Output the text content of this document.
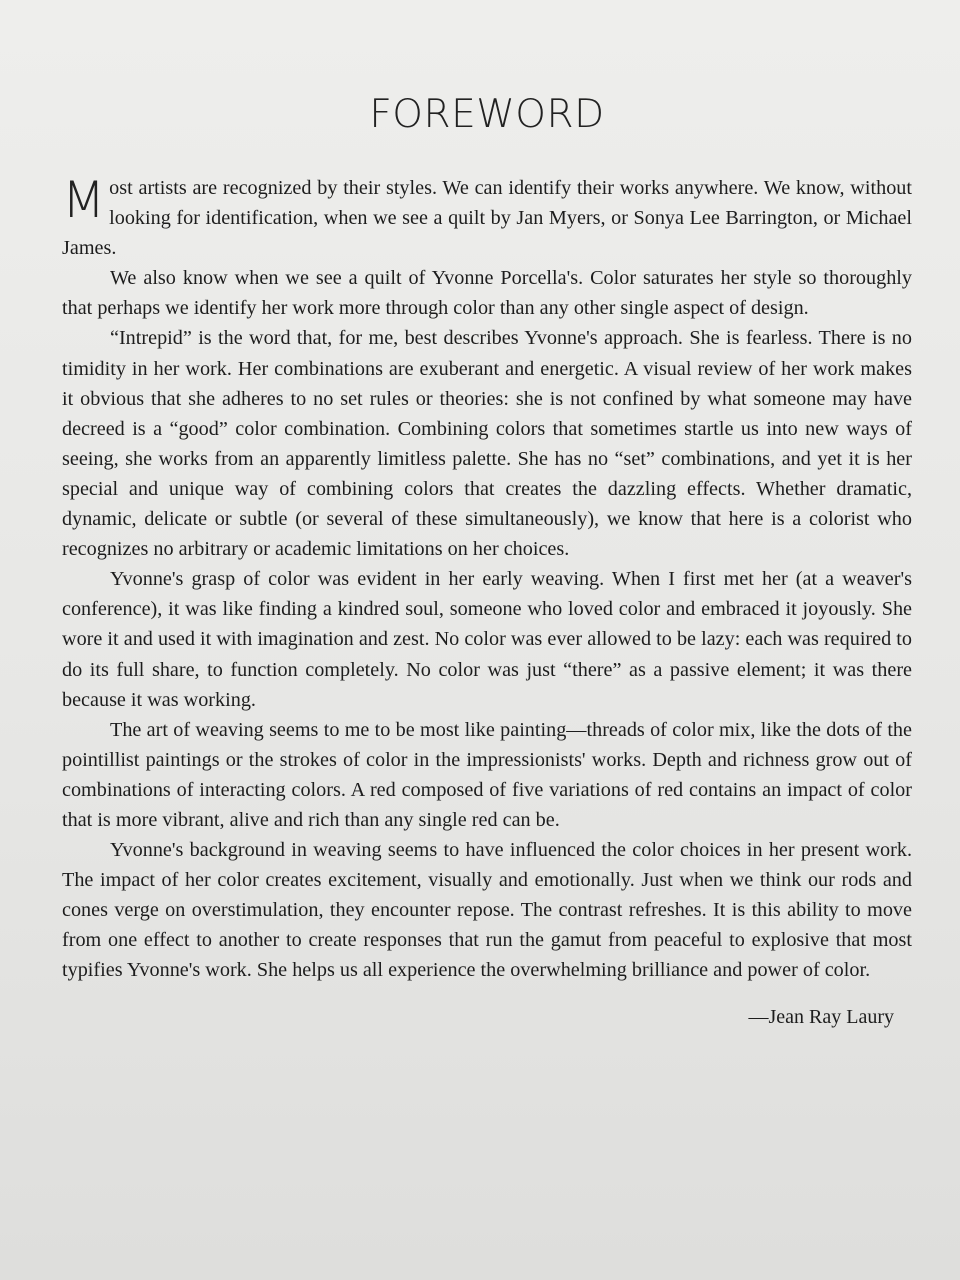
FOREWORD

Most artists are recognized by their styles. We can identify their works anywhere. We know, without looking for identification, when we see a quilt by Jan Myers, or Sonya Lee Barrington, or Michael James.

We also know when we see a quilt of Yvonne Porcella's. Color saturates her style so thoroughly that perhaps we identify her work more through color than any other single aspect of design.

“Intrepid” is the word that, for me, best describes Yvonne's approach. She is fearless. There is no timidity in her work. Her combinations are exuberant and energetic. A visual review of her work makes it obvious that she adheres to no set rules or theories: she is not confined by what someone may have decreed is a “good” color combination. Combining colors that sometimes startle us into new ways of seeing, she works from an apparently limitless palette. She has no “set” combinations, and yet it is her special and unique way of combining colors that creates the dazzling effects. Whether dramatic, dynamic, delicate or subtle (or several of these simultaneously), we know that here is a colorist who recognizes no arbitrary or academic limitations on her choices.

Yvonne's grasp of color was evident in her early weaving. When I first met her (at a weaver's conference), it was like finding a kindred soul, someone who loved color and embraced it joyously. She wore it and used it with imagination and zest. No color was ever allowed to be lazy: each was required to do its full share, to function completely. No color was just “there” as a passive element; it was there because it was working.

The art of weaving seems to me to be most like painting—threads of color mix, like the dots of the pointillist paintings or the strokes of color in the impressionists' works. Depth and richness grow out of combinations of interacting colors. A red composed of five variations of red contains an impact of color that is more vibrant, alive and rich than any single red can be.

Yvonne's background in weaving seems to have influenced the color choices in her present work. The impact of her color creates excitement, visually and emotionally. Just when we think our rods and cones verge on overstimulation, they encounter repose. The contrast refreshes. It is this ability to move from one effect to another to create responses that run the gamut from peaceful to explosive that most typifies Yvonne's work. She helps us all experience the overwhelming brilliance and power of color.

—Jean Ray Laury
